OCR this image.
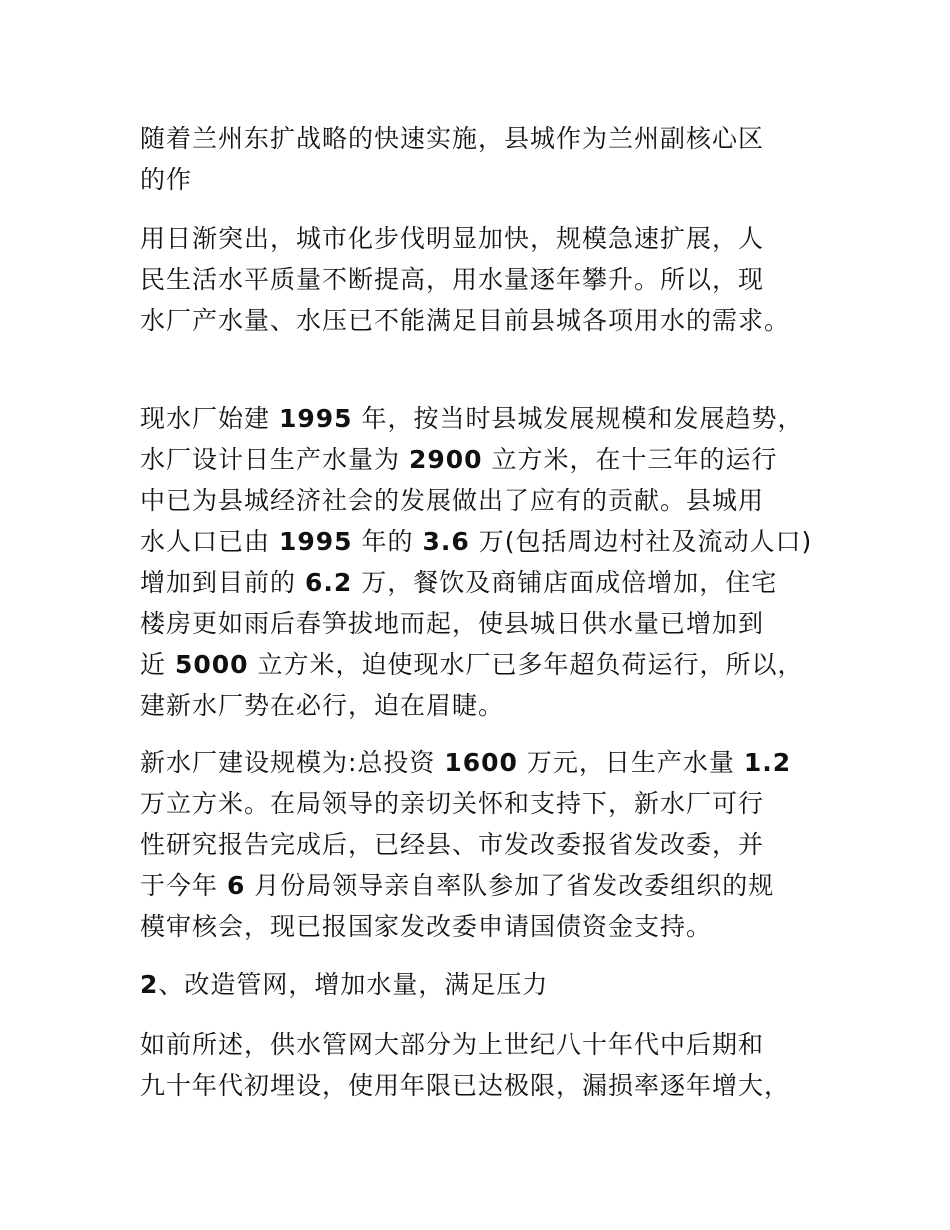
随着兰州东扩战略的快速实施，县城作为兰州副核心区
的作

用日渐突出，城市化步伐明显加快，规模急速扩展，人
民生活水平质量不断提高，用水量逐年攀升。所以，现
水厂产水量、水压已不能满足目前县城各项用水的需求。

现水厂始建 1995 年，按当时县城发展规模和发展趋势，
水厂设计日生产水量为 2900 立方米，在十三年的运行
中已为县城经济社会的发展做出了应有的贡献。县城用
水人口已由 1995 年的 3.6 万(包括周边村社及流动人口)
增加到目前的 6.2 万，餐饮及商铺店面成倍增加，住宅
楼房更如雨后春笋拔地而起，使县城日供水量已增加到
近 5000 立方米，迫使现水厂已多年超负荷运行，所以，
建新水厂势在必行，迫在眉睫。

新水厂建设规模为:总投资 1600 万元，日生产水量 1.2
万立方米。在局领导的亲切关怀和支持下，新水厂可行
性研究报告完成后，已经县、市发改委报省发改委，并
于今年 6 月份局领导亲自率队参加了省发改委组织的规
模审核会，现已报国家发改委申请国债资金支持。

2、改造管网，增加水量，满足压力

如前所述，供水管网大部分为上世纪八十年代中后期和
九十年代初埋设，使用年限已达极限，漏损率逐年增大，
